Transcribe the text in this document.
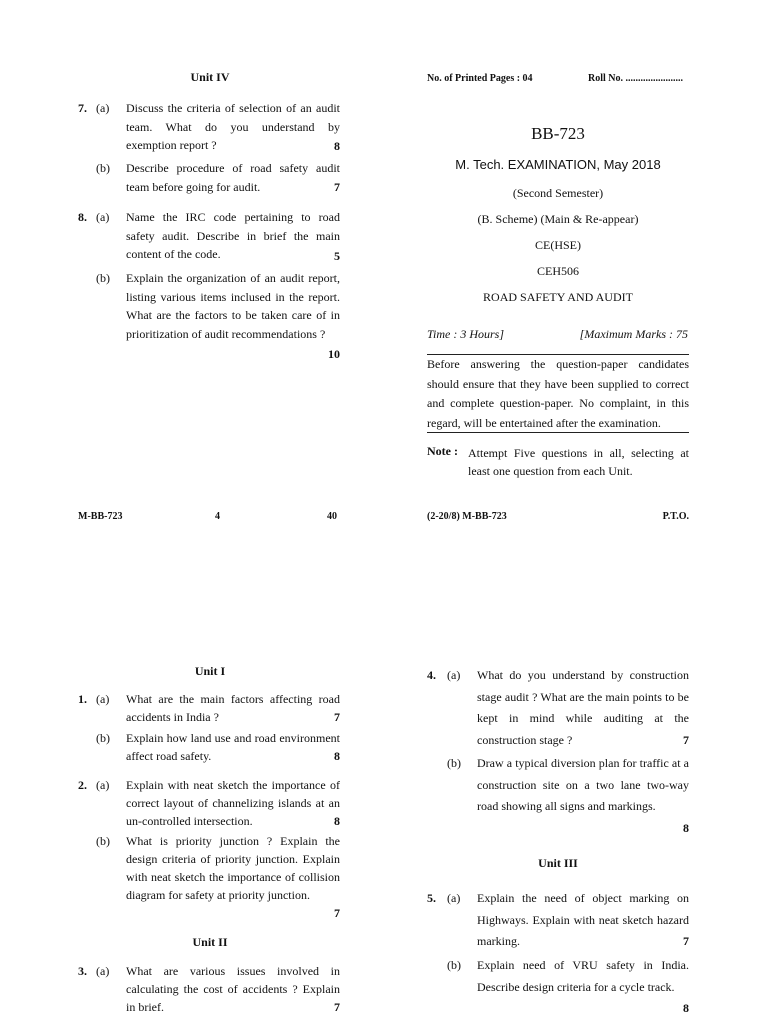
Unit IV
7. (a) Discuss the criteria of selection of an audit team. What do you understand by exemption report ?	8
(b) Describe procedure of road safety audit team before going for audit.	7
8. (a) Name the IRC code pertaining to road safety audit. Describe in brief the main content of the code.	5
(b) Explain the organization of an audit report, listing various items inclused in the report. What are the factors to be taken care of in prioritization of audit recommendations ?
10
M-BB-723	4	40
No. of Printed Pages : 04	Roll No. .......................
BB-723
M. Tech. EXAMINATION, May 2018
(Second Semester)
(B. Scheme) (Main & Re-appear)
CE(HSE)
CEH506
ROAD SAFETY AND AUDIT
Time : 3 Hours]	[Maximum Marks : 75
Before answering the question-paper candidates should ensure that they have been supplied to correct and complete question-paper. No complaint, in this regard, will be entertained after the examination.
Note : Attempt Five questions in all, selecting at least one question from each Unit.
(2-20/8) M-BB-723	P.T.O.
Unit I
1. (a) What are the main factors affecting road accidents in India ?	7
(b) Explain how land use and road environment affect road safety.	8
2. (a) Explain with neat sketch the importance of correct layout of channelizing islands at an un-controlled intersection.	8
(b) What is priority junction ? Explain the design criteria of priority junction. Explain with neat sketch the importance of collision diagram for safety at priority junction.
7
Unit II
3. (a) What are various issues involved in calculating the cost of accidents ? Explain in brief.	7
4. (a) What do you understand by construction stage audit ? What are the main points to be kept in mind while auditing at the construction stage ?	7
(b) Draw a typical diversion plan for traffic at a construction site on a two lane two-way road showing all signs and markings.
8
Unit III
5. (a) Explain the need of object marking on Highways. Explain with neat sketch hazard marking.	7
(b) Explain need of VRU safety in India. Describe design criteria for a cycle track.
8
